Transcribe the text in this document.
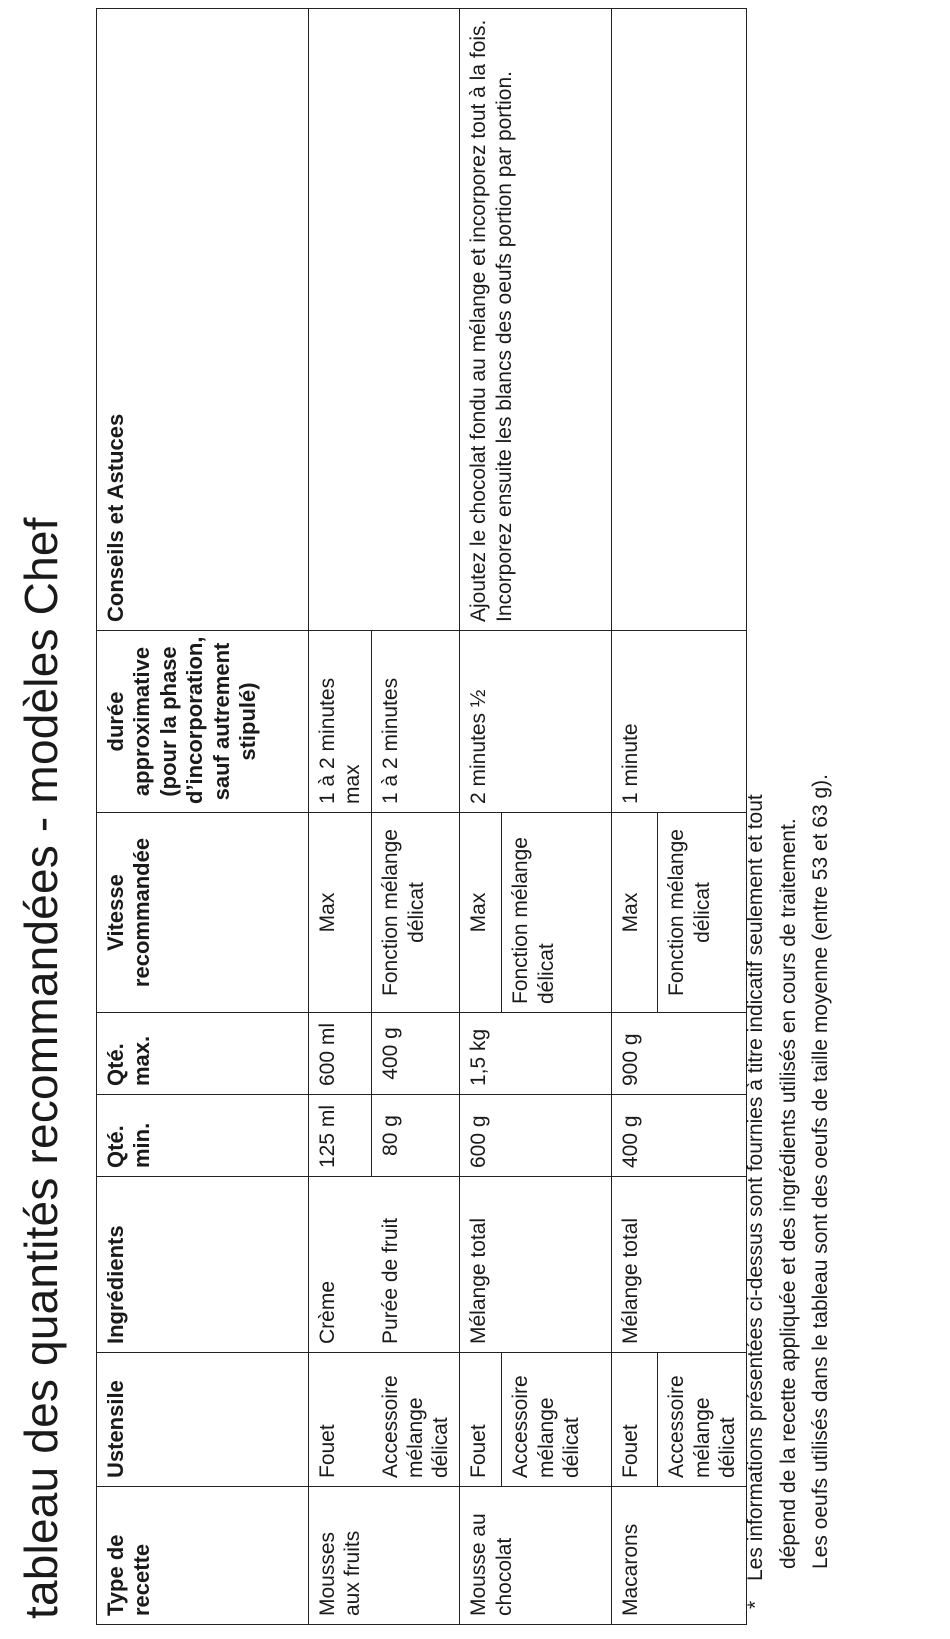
tableau des quantités recommandées - modèles Chef Type de recette	Ustensile	Ingrédients	Qté. min.	Qté. max.	Vitesse recommandée	durée approximative (pour la phase d’incorporation, sauf autrement stipulé)	Conseils et Astuces
Mousses aux fruits	Fouet	Crème	125 ml	600 ml	Max	1 à 2 minutes max	
	Accessoire mélange délicat	Purée de fruit	80 g	400 g	Fonction mélange délicat	1 à 2 minutes	
Mousse au chocolat	Fouet	Mélange total	600 g	1,5 kg	Max	2 minutes ½	Ajoutez le chocolat fondu au mélange et incorporez tout à la fois. Incorporez ensuite les blancs des oeufs portion par portion.
	Accessoire mélange délicat				Fonction mélange délicat		
Macarons	Fouet	Mélange total	400 g	900 g	Max	1 minute	
	Accessoire mélange délicat				Fonction mélange délicat		
*Les informations présentées ci-dessus sont fournies à titre indicatif seulement et tout dépend de la recette appliquée et des ingrédients utilisés en cours de traitement. Les oeufs utilisés dans le tableau sont des oeufs de taille moyenne (entre 53 et 63 g).
